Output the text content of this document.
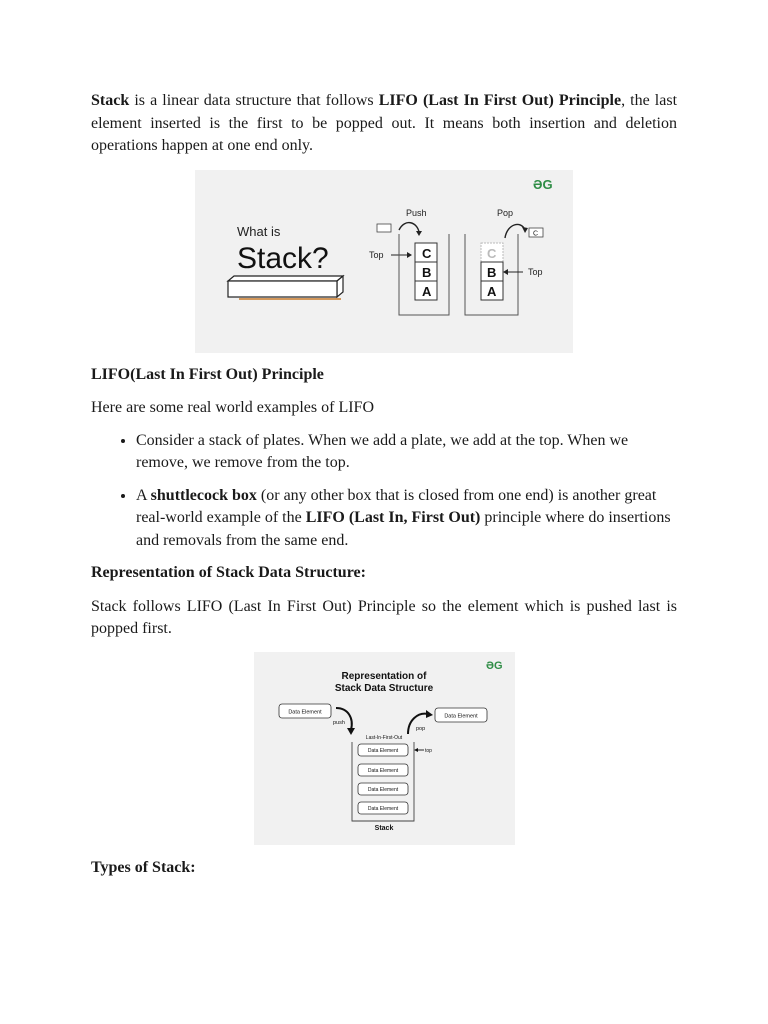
Stack is a linear data structure that follows LIFO (Last In First Out) Principle, the last element inserted is the first to be popped out. It means both insertion and deletion operations happen at one end only.

ƏG
What is
Stack?
Push
Top	C
B
A
Pop
C
C
B
A
Top

LIFO(Last In First Out) Principle

Here are some real world examples of LIFO

• Consider a stack of plates. When we add a plate, we add at the top. When we remove, we remove from the top.
• A shuttlecock box (or any other box that is closed from one end) is another great real-world example of the LIFO (Last In, First Out) principle where do insertions and removals from the same end.

Representation of Stack Data Structure:

Stack follows LIFO (Last In First Out) Principle so the element which is pushed last is popped first.

ƏG
Representation of
Stack Data Structure
Data Element
push
Data Element
pop
Last-In-First-Out
Data Element
Data Element
Data Element
Data Element
top
Stack

Types of Stack:
